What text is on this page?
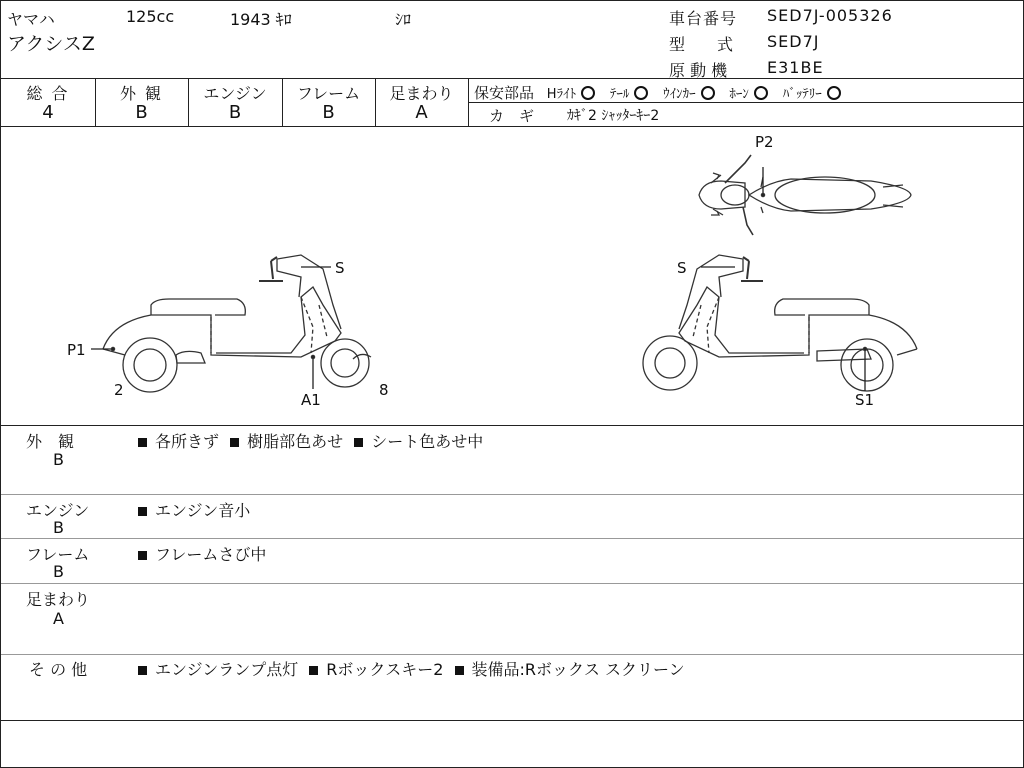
ヤマハ	125cc	1943 ｷﾛ	ｼﾛ
アクシスZ
車台番号 SED7J-005326
型　　式 SED7J
原 動 機 E31BE
総 合
4
外 観
B
エンジン
B
フレーム
B
足まわり
A
保安部品 Hﾗｲﾄ	ﾃｰﾙ	ｳｲﾝｶｰ	ﾎｰﾝ	ﾊﾞｯﾃﾘｰ
カ　ギ ｶｷﾞ2 ｼｬｯﾀｰｷｰ2
S
P1
2
A1
8
S
S1
P2
外　観
B
各所きず 樹脂部色あせ シート色あせ中
エンジン
B
エンジン音小
フレーム
B
フレームさび中
足まわり
A
そ の 他	エンジンランプ点灯 Rボックスキー2 装備品:Rボックス スクリーン
